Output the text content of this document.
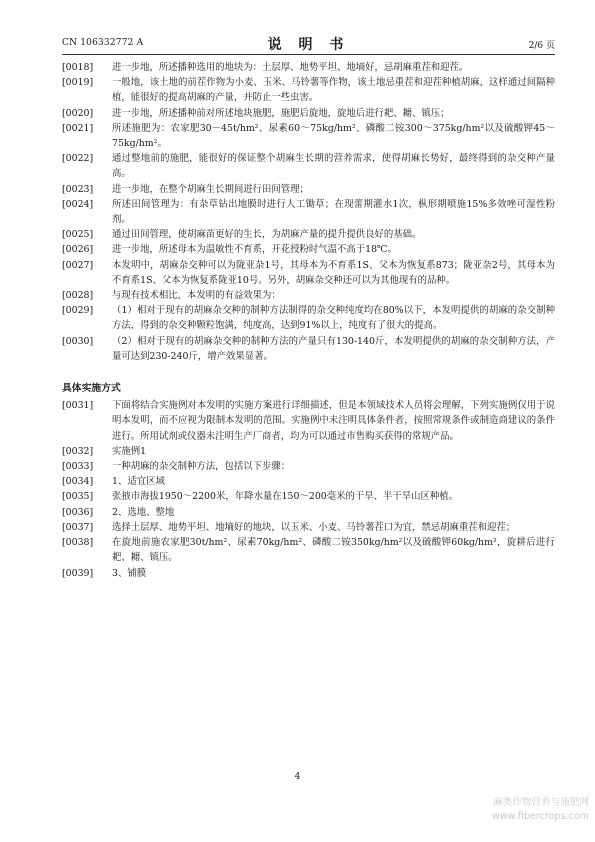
CN 106332772 A	说 明 书	2/6 页
[0018]	进一步地，所述播种选用的地块为：土层厚、地势平坦、地墒好，忌胡麻重茬和迎茬。
[0019]	一般地，该土地的前茬作物为小麦、玉米、马铃薯等作物，该土地忌重茬和迎茬种植胡麻，这样通过间隔种植，能很好的提高胡麻的产量，并防止一些虫害。
[0020]	进一步地，所述播种前对所述地块施肥，施肥后旋地，旋地后进行耙、耱、镇压；
[0021]	所述施肥为：农家肥30－45t/hm²、尿素60～75kg/hm²、磷酸二铵300～375kg/hm²以及硫酸钾45～75kg/hm²。
[0022]	通过整地前的施肥，能很好的保证整个胡麻生长期的营养需求，使得胡麻长势好，最终得到的杂交种产量高。
[0023]	进一步地，在整个胡麻生长期间进行田间管理；
[0024]	所述田间管理为：有杂草钻出地膜时进行人工锄草；在现蕾期灌水1次，枞形期喷施15%多效唑可湿性粉剂。
[0025]	通过田间管理，使胡麻苗更好的生长，为胡麻产量的提升提供良好的基础。
[0026]	进一步地，所述母本为温敏性不育系，开花授粉时气温不高于18℃。
[0027]	本发明中，胡麻杂交种可以为陇亚杂1号，其母本为不育系1S、父本为恢复系873；陇亚杂2号，其母本为不育系1S、父本为恢复系陇亚10号。另外，胡麻杂交种还可以为其他现有的品种。
[0028]	与现有技术相比，本发明的有益效果为：
[0029]	（1）相对于现有的胡麻杂交种的制种方法制得的杂交种纯度均在80%以下，本发明提供的胡麻的杂交制种方法，得到的杂交种颗粒饱满，纯度高，达到91%以上，纯度有了很大的提高。
[0030]	（2）相对于现有的胡麻杂交种的制种方法的产量只有130-140斤，本发明提供的胡麻的杂交制种方法，产量可达到230-240斤，增产效果显著。
具体实施方式
[0031]	下面将结合实施例对本发明的实施方案进行详细描述，但是本领域技术人员将会理解，下列实施例仅用于说明本发明，而不应视为限制本发明的范围。实施例中未注明具体条件者，按照常规条件或制造商建议的条件进行。所用试剂或仪器未注明生产厂商者，均为可以通过市售购买获得的常规产品。
[0032]	实施例1
[0033]	一种胡麻的杂交制种方法，包括以下步骤：
[0034]	1、适宜区域
[0035]	张掖市海拔1950～2200米，年降水量在150～200毫米的干旱、半干旱山区种植。
[0036]	2、选地、整地
[0037]	选择土层厚、地势平坦、地墒好的地块，以玉米、小麦、马铃薯茬口为宜，禁忌胡麻重茬和迎茬；
[0038]	在旋地前施农家肥30t/hm²、尿素70kg/hm²、磷酸二铵350kg/hm²以及硫酸钾60kg/hm²，旋耕后进行耙、耱、镇压。
[0039]	3、铺膜
4
麻类作物营养与施肥网
www.fibercrops.com
